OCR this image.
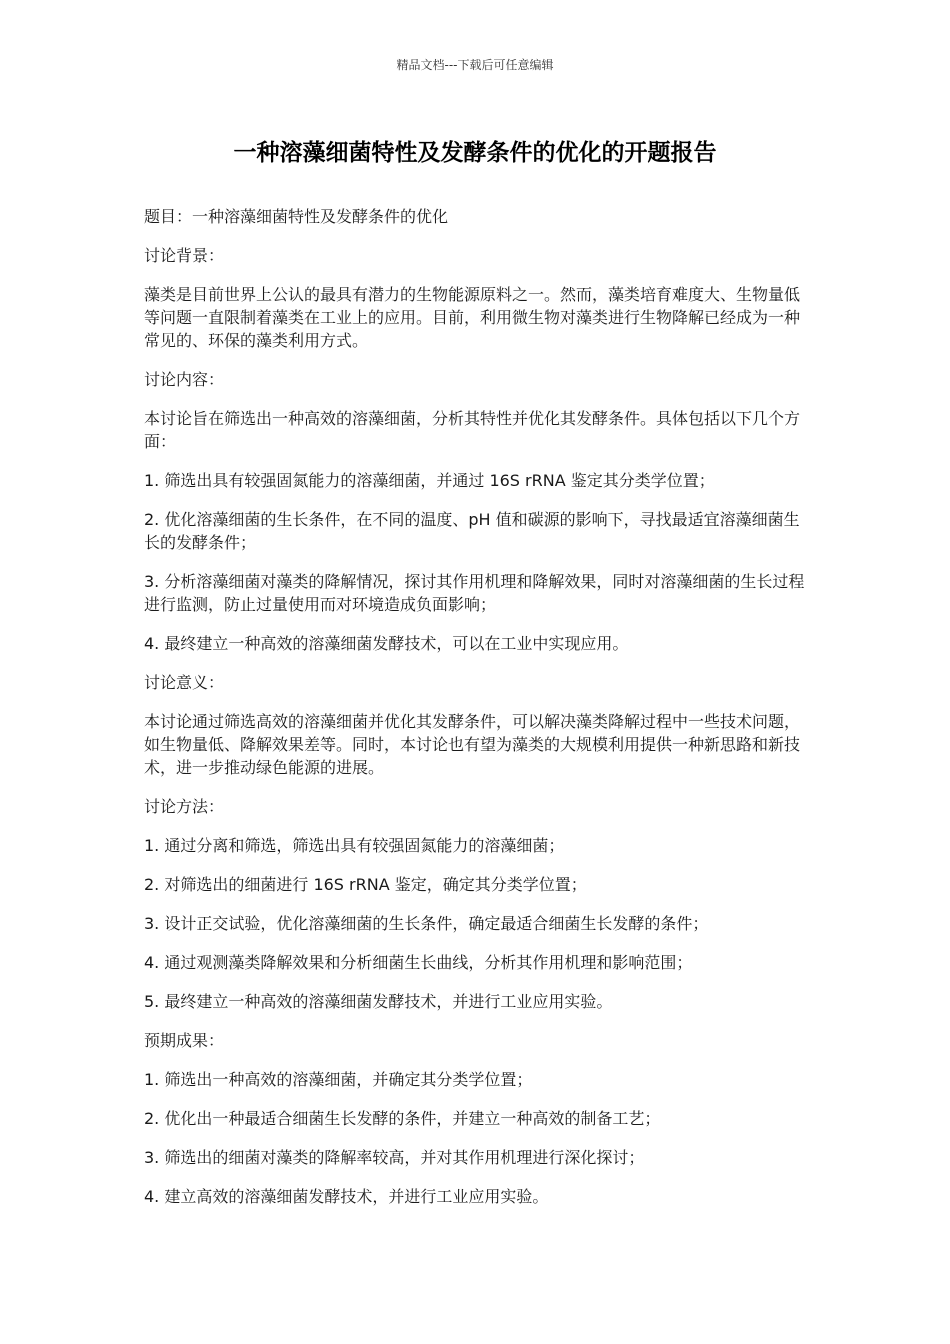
精品文档---下载后可任意编辑
一种溶藻细菌特性及发酵条件的优化的开题报告

题目：一种溶藻细菌特性及发酵条件的优化

讨论背景：

藻类是目前世界上公认的最具有潜力的生物能源原料之一。然而，藻类培育难度大、生物量低等问题一直限制着藻类在工业上的应用。目前，利用微生物对藻类进行生物降解已经成为一种常见的、环保的藻类利用方式。

讨论内容：

本讨论旨在筛选出一种高效的溶藻细菌，分析其特性并优化其发酵条件。具体包括以下几个方面：

1. 筛选出具有较强固氮能力的溶藻细菌，并通过 16S rRNA 鉴定其分类学位置；

2. 优化溶藻细菌的生长条件，在不同的温度、pH 值和碳源的影响下，寻找最适宜溶藻细菌生长的发酵条件；

3. 分析溶藻细菌对藻类的降解情况，探讨其作用机理和降解效果，同时对溶藻细菌的生长过程进行监测，防止过量使用而对环境造成负面影响；

4. 最终建立一种高效的溶藻细菌发酵技术，可以在工业中实现应用。

讨论意义：

本讨论通过筛选高效的溶藻细菌并优化其发酵条件，可以解决藻类降解过程中一些技术问题，如生物量低、降解效果差等。同时，本讨论也有望为藻类的大规模利用提供一种新思路和新技术，进一步推动绿色能源的进展。

讨论方法：

1. 通过分离和筛选，筛选出具有较强固氮能力的溶藻细菌；

2. 对筛选出的细菌进行 16S rRNA 鉴定，确定其分类学位置；

3. 设计正交试验，优化溶藻细菌的生长条件，确定最适合细菌生长发酵的条件；

4. 通过观测藻类降解效果和分析细菌生长曲线，分析其作用机理和影响范围；

5. 最终建立一种高效的溶藻细菌发酵技术，并进行工业应用实验。

预期成果：

1. 筛选出一种高效的溶藻细菌，并确定其分类学位置；

2. 优化出一种最适合细菌生长发酵的条件，并建立一种高效的制备工艺；

3. 筛选出的细菌对藻类的降解率较高，并对其作用机理进行深化探讨；

4. 建立高效的溶藻细菌发酵技术，并进行工业应用实验。
